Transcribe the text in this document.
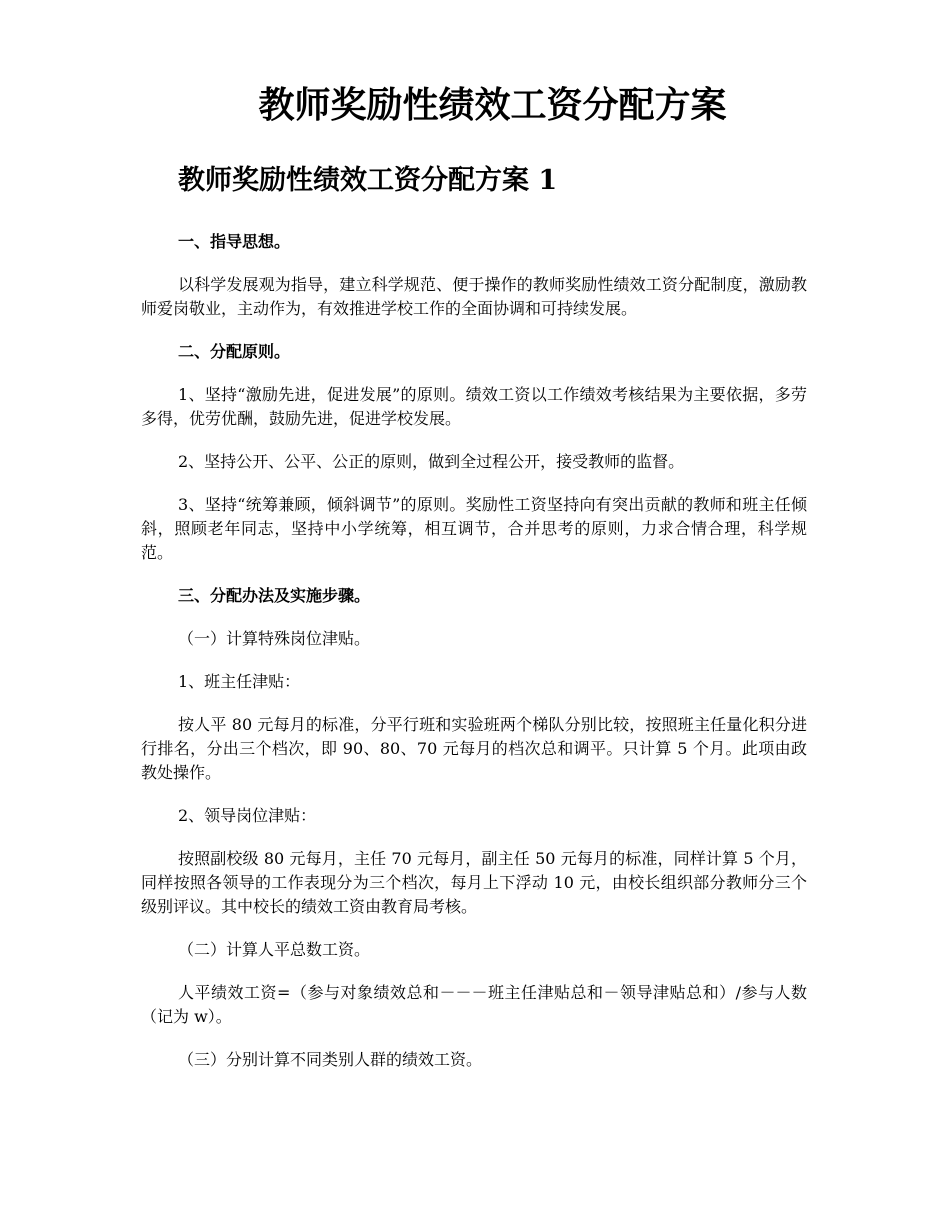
教师奖励性绩效工资分配方案
教师奖励性绩效工资分配方案 1

一、指导思想。

以科学发展观为指导，建立科学规范、便于操作的教师奖励性绩效工资分配制度，激励教师爱岗敬业，主动作为，有效推进学校工作的全面协调和可持续发展。

二、分配原则。

1、坚持“激励先进，促进发展”的原则。绩效工资以工作绩效考核结果为主要依据，多劳多得，优劳优酬，鼓励先进，促进学校发展。

2、坚持公开、公平、公正的原则，做到全过程公开，接受教师的监督。

3、坚持“统筹兼顾，倾斜调节”的原则。奖励性工资坚持向有突出贡献的教师和班主任倾斜，照顾老年同志，坚持中小学统筹，相互调节，合并思考的原则，力求合情合理，科学规范。

三、分配办法及实施步骤。

（一）计算特殊岗位津贴。

1、班主任津贴：

按人平 80 元每月的标准，分平行班和实验班两个梯队分别比较，按照班主任量化积分进行排名，分出三个档次，即 90、80、70 元每月的档次总和调平。只计算 5 个月。此项由政教处操作。

2、领导岗位津贴：

按照副校级 80 元每月，主任 70 元每月，副主任 50 元每月的标准，同样计算 5 个月，同样按照各领导的工作表现分为三个档次，每月上下浮动 10 元，由校长组织部分教师分三个级别评议。其中校长的绩效工资由教育局考核。

（二）计算人平总数工资。

人平绩效工资=（参与对象绩效总和－－－班主任津贴总和－领导津贴总和）/参与人数（记为 w）。

（三）分别计算不同类别人群的绩效工资。
